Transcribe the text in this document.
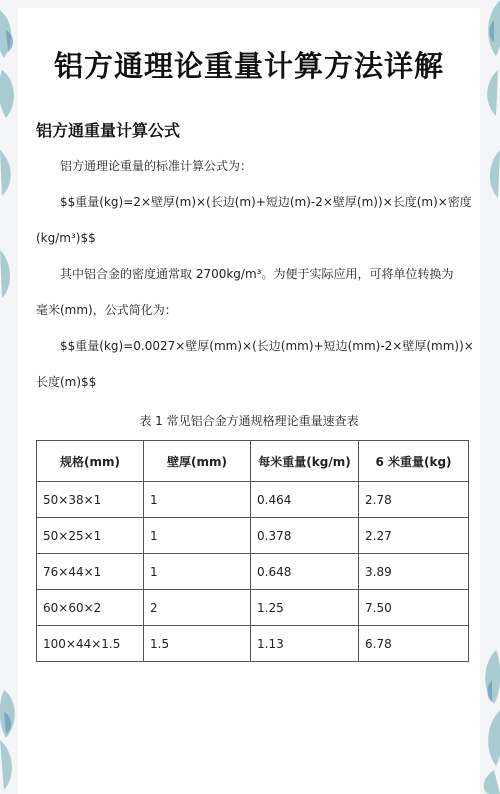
铝方通理论重量计算方法详解
铝方通重量计算公式

铝方通理论重量的标准计算公式为：

$$重量(kg)=2×壁厚(m)×(长边(m)+短边(m)-2×壁厚(m))×长度(m)×密度

(kg/m³)$$

其中铝合金的密度通常取 2700kg/m³。为便于实际应用，可将单位转换为

毫米(mm)，公式简化为：

$$重量(kg)=0.0027×壁厚(mm)×(长边(mm)+短边(mm)-2×壁厚(mm))×

长度(m)$$

表 1 常见铝合金方通规格理论重量速查表

规格(mm)	壁厚(mm)	每米重量(kg/m)	6 米重量(kg)
50×38×1	1	0.464	2.78
50×25×1	1	0.378	2.27
76×44×1	1	0.648	3.89
60×60×2	2	1.25	7.50
100×44×1.5	1.5	1.13	6.78
